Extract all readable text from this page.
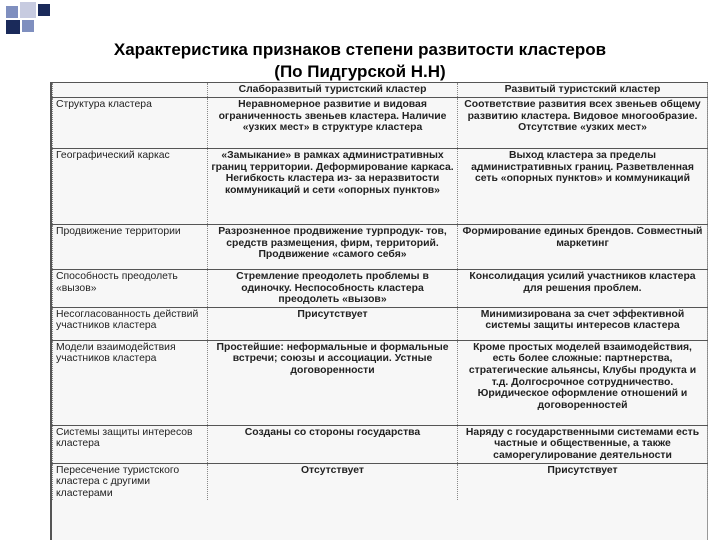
Характеристика признаков степени развитости кластеров
(По Пидгурской Н.Н)
	Слаборазвитый туристский кластер	Развитый туристский кластер
Структура кластера	Неравномерное развитие и видовая ограниченность звеньев кластера. Наличие «узких мест» в структуре кластера	Соответствие развития всех звеньев общему развитию кластера. Видовое многообразие. Отсутствие «узких мест»
Географический каркас	«Замыкание» в рамках административных границ территории. Деформирование каркаса. Негибкость кластера из- за неразвитости коммуникаций и сети «опорных пунктов»	Выход кластера за пределы административных границ. Разветвленная сеть «опорных пунктов» и коммуникаций
Продвижение территории	Разрозненное продвижение турпродук- тов, средств размещения, фирм, территорий. Продвижение «самого себя»	Формирование единых брендов. Совместный маркетинг
Способность преодолеть «вызов»	Стремление преодолеть проблемы в одиночку. Неспособность кластера преодолеть «вызов»	Консолидация усилий участников кластера для решения проблем.
Несогласованность действий участников кластера	Присутствует	Минимизирована за счет эффективной системы защиты интересов кластера
Модели взаимодействия участников кластера	Простейшие: неформальные и формальные встречи; союзы и ассоциации. Устные договоренности	Кроме простых моделей взаимодействия, есть более сложные: партнерства, стратегические альянсы, Клубы продукта и т.д. Долгосрочное сотрудничество. Юридическое оформление отношений и договоренностей
Системы защиты интересов кластера	Созданы со стороны государства	Наряду с государственными системами есть частные и общественные, а также саморегулирование деятельности
Пересечение туристского кластера с другими кластерами	Отсутствует	Присутствует
